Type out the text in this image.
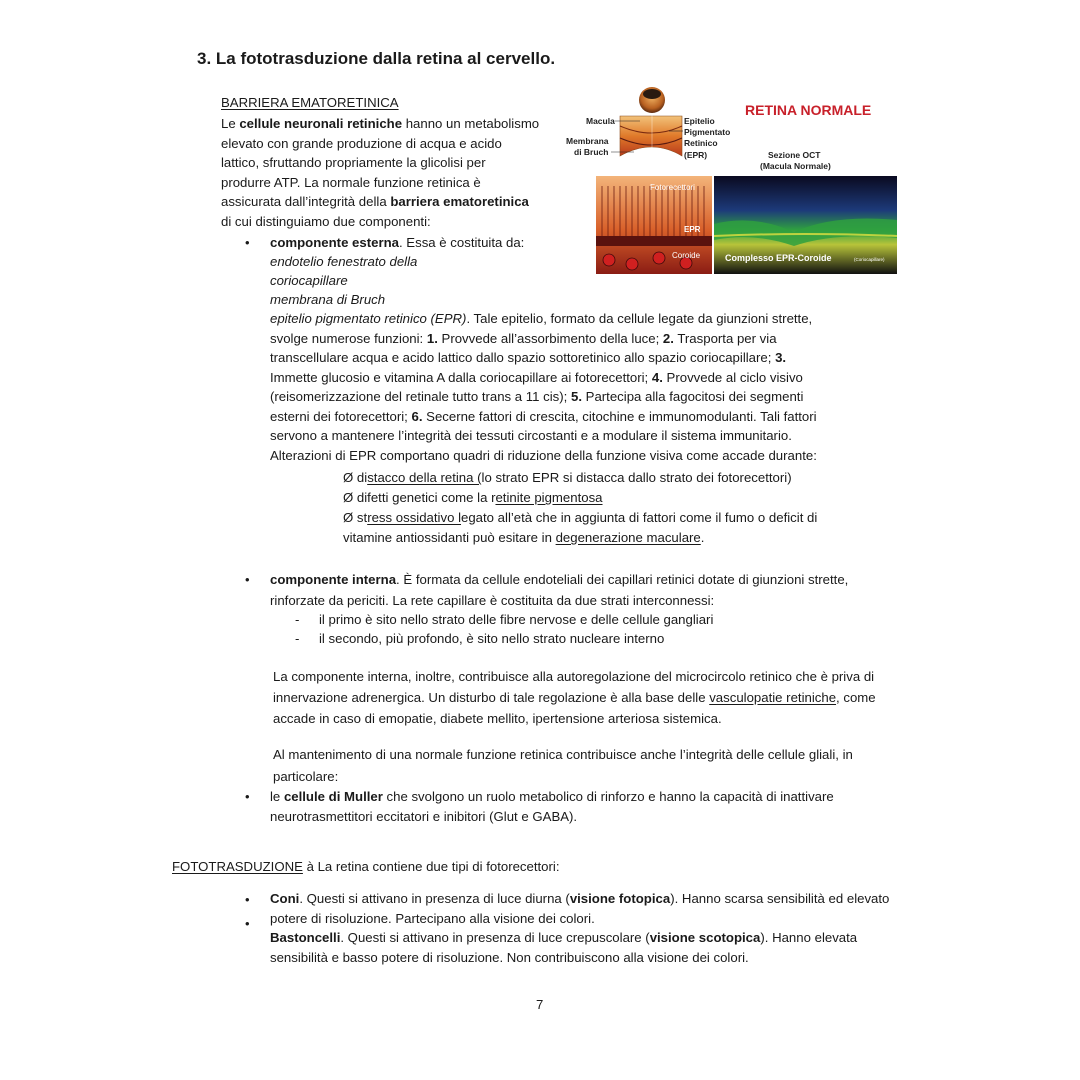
3. La fototrasduzione dalla retina al cervello.
Macula
Membrana
di Bruch
Epitelio
Pigmentato
Retinico
(EPR)
RETINA NORMALE
Sezione OCT
(Macula Normale)
Fotorecettori
EPR
Coroide	Complesso EPR-Coroide	(Coriocapillare)
BARRIERA EMATORETINICA
Le cellule neuronali retiniche hanno un metabolismo
elevato con grande produzione di acqua e acido
lattico, sfruttando propriamente la glicolisi per
produrre ATP. La normale funzione retinica è
assicurata dall’integrità della barriera ematoretinica
di cui distinguiamo due componenti:
• componente esterna. Essa è costituita da:
endotelio fenestrato della
coriocapillare
membrana di Bruch
epitelio pigmentato retinico (EPR). Tale epitelio, formato da cellule legate da giunzioni strette,
svolge numerose funzioni: 1. Provvede all’assorbimento della luce; 2. Trasporta per via
transcellulare acqua e acido lattico dallo spazio sottoretinico allo spazio coriocapillare; 3.
Immette glucosio e vitamina A dalla coriocapillare ai fotorecettori; 4. Provvede al ciclo visivo
(reisomerizzazione del retinale tutto trans a 11 cis); 5. Partecipa alla fagocitosi dei segmenti
esterni dei fotorecettori; 6. Secerne fattori di crescita, citochine e immunomodulanti. Tali fattori
servono a mantenere l’integrità dei tessuti circostanti e a modulare il sistema immunitario.
Alterazioni di EPR comportano quadri di riduzione della funzione visiva come accade durante:
Ø distacco della retina (lo strato EPR si distacca dallo strato dei fotorecettori)
Ø difetti genetici come la retinite pigmentosa
Ø stress ossidativo legato all’età che in aggiunta di fattori come il fumo o deficit di
vitamine antiossidanti può esitare in degenerazione maculare.
• componente interna. È formata da cellule endoteliali dei capillari retinici dotate di giunzioni strette,
rinforzate da periciti. La rete capillare è costituita da due strati interconnessi:
- il primo è sito nello strato delle fibre nervose e delle cellule gangliari
- il secondo, più profondo, è sito nello strato nucleare interno
La componente interna, inoltre, contribuisce alla autoregolazione del microcircolo retinico che è priva di
innervazione adrenergica. Un disturbo di tale regolazione è alla base delle vasculopatie retiniche, come
accade in caso di emopatie, diabete mellito, ipertensione arteriosa sistemica.
Al mantenimento di una normale funzione retinica contribuisce anche l’integrità delle cellule gliali, in
particolare:
• le cellule di Muller che svolgono un ruolo metabolico di rinforzo e hanno la capacità di inattivare
neurotrasmettitori eccitatori e inibitori (Glut e GABA).
FOTOTRASDUZIONE à La retina contiene due tipi di fotorecettori:
•
•
Coni. Questi si attivano in presenza di luce diurna (visione fotopica). Hanno scarsa sensibilità ed elevato
potere di risoluzione. Partecipano alla visione dei colori.
Bastoncelli. Questi si attivano in presenza di luce crepuscolare (visione scotopica). Hanno elevata
sensibilità e basso potere di risoluzione. Non contribuiscono alla visione dei colori.
7
